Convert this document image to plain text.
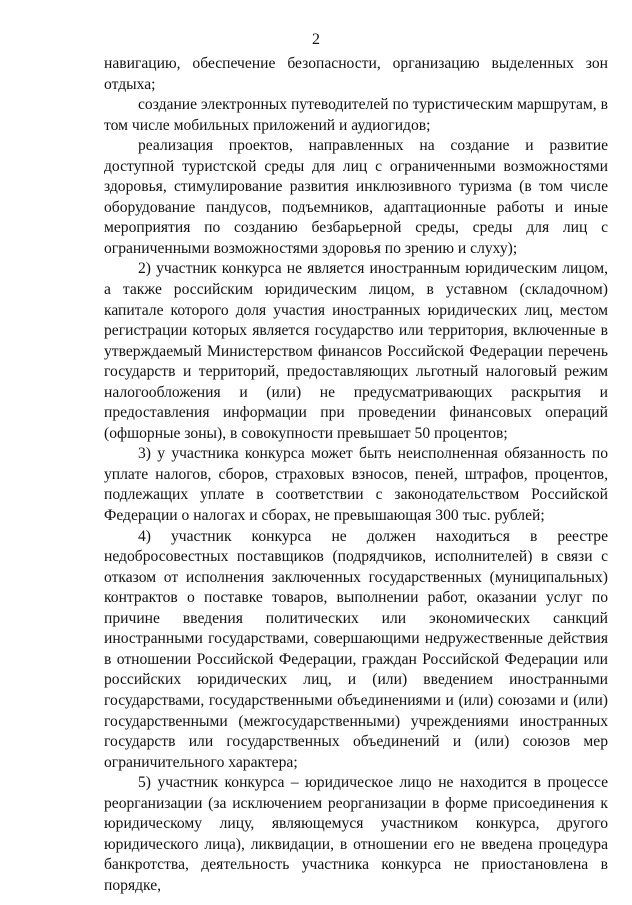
2

навигацию, обеспечение безопасности, организацию выделенных зон отдыха;

создание электронных путеводителей по туристическим маршрутам, в том числе мобильных приложений и аудиогидов;

реализация проектов, направленных на создание и развитие доступной туристской среды для лиц с ограниченными возможностями здоровья, стимулирование развития инклюзивного туризма (в том числе оборудование пандусов, подъемников, адаптационные работы и иные мероприятия по созданию безбарьерной среды, среды для лиц с ограниченными возможностями здоровья по зрению и слуху);

2) участник конкурса не является иностранным юридическим лицом, а также российским юридическим лицом, в уставном (складочном) капитале которого доля участия иностранных юридических лиц, местом регистрации которых является государство или территория, включенные в утверждаемый Министерством финансов Российской Федерации перечень государств и территорий, предоставляющих льготный налоговый режим налогообложения и (или) не предусматривающих раскрытия и предоставления информации при проведении финансовых операций (офшорные зоны), в совокупности превышает 50 процентов;

3) у участника конкурса может быть неисполненная обязанность по уплате налогов, сборов, страховых взносов, пеней, штрафов, процентов, подлежащих уплате в соответствии с законодательством Российской Федерации о налогах и сборах, не превышающая 300 тыс. рублей;

4) участник конкурса не должен находиться в реестре недобросовестных поставщиков (подрядчиков, исполнителей) в связи с отказом от исполнения заключенных государственных (муниципальных) контрактов о поставке товаров, выполнении работ, оказании услуг по причине введения политических или экономических санкций иностранными государствами, совершающими недружественные действия в отношении Российской Федерации, граждан Российской Федерации или российских юридических лиц, и (или) введением иностранными государствами, государственными объединениями и (или) союзами и (или) государственными (межгосударственными) учреждениями иностранных государств или государственных объединений и (или) союзов мер ограничительного характера;

5) участник конкурса – юридическое лицо не находится в процессе реорганизации (за исключением реорганизации в форме присоединения к юридическому лицу, являющемуся участником конкурса, другого юридического лица), ликвидации, в отношении его не введена процедура банкротства, деятельность участника конкурса не приостановлена в порядке,
